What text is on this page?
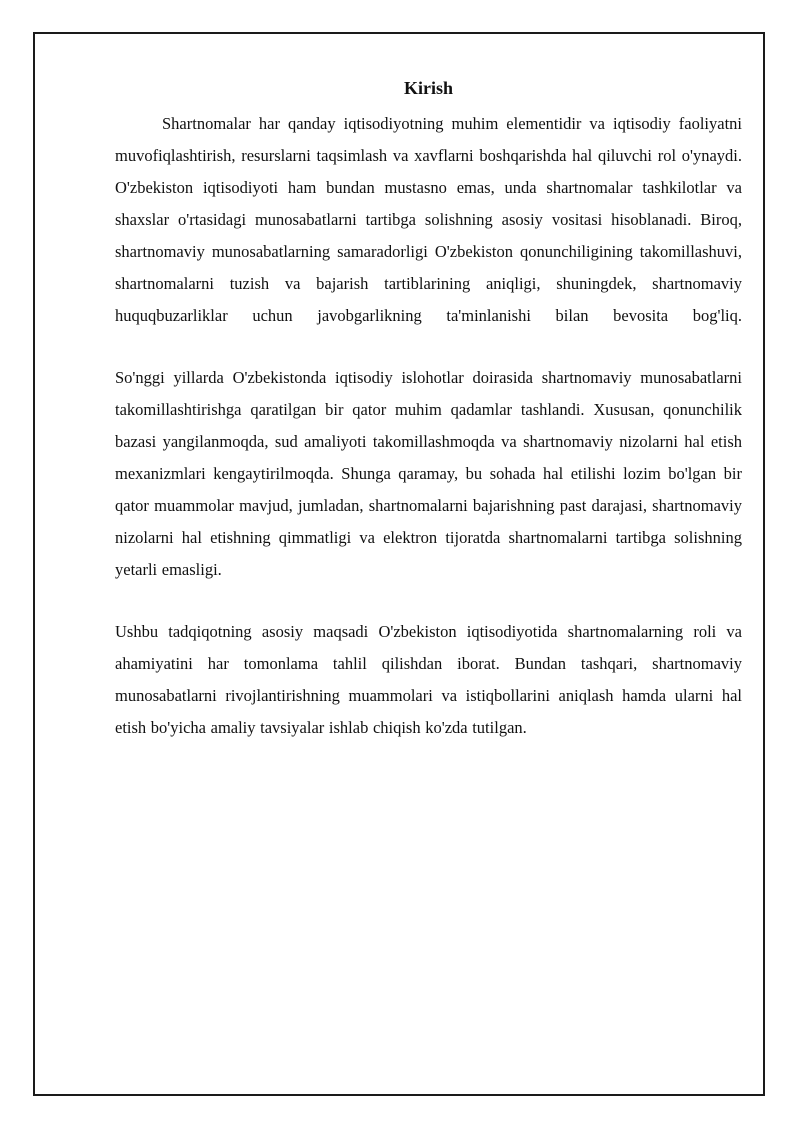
Kirish

Shartnomalar har qanday iqtisodiyotning muhim elementidir va iqtisodiy faoliyatni muvofiqlashtirish, resurslarni taqsimlash va xavflarni boshqarishda hal qiluvchi rol o'ynaydi. O'zbekiston iqtisodiyoti ham bundan mustasno emas, unda shartnomalar tashkilotlar va shaxslar o'rtasidagi munosabatlarni tartibga solishning asosiy vositasi hisoblanadi. Biroq, shartnomaviy munosabatlarning samaradorligi O'zbekiston qonunchiligining takomillashuvi, shartnomalarni tuzish va bajarish tartiblarining aniqligi, shuningdek, shartnomaviy huquqbuzarliklar uchun javobgarlikning ta'minlanishi bilan bevosita bog'liq.

So'nggi yillarda O'zbekistonda iqtisodiy islohotlar doirasida shartnomaviy munosabatlarni takomillashtirishga qaratilgan bir qator muhim qadamlar tashlandi. Xususan, qonunchilik bazasi yangilanmoqda, sud amaliyoti takomillashmoqda va shartnomaviy nizolarni hal etish mexanizmlari kengaytirilmoqda. Shunga qaramay, bu sohada hal etilishi lozim bo'lgan bir qator muammolar mavjud, jumladan, shartnomalarni bajarishning past darajasi, shartnomaviy nizolarni hal etishning qimmatligi va elektron tijoratda shartnomalarni tartibga solishning yetarli emasligi.

Ushbu tadqiqotning asosiy maqsadi O'zbekiston iqtisodiyotida shartnomalarning roli va ahamiyatini har tomonlama tahlil qilishdan iborat. Bundan tashqari, shartnomaviy munosabatlarni rivojlantirishning muammolari va istiqbollarini aniqlash hamda ularni hal etish bo'yicha amaliy tavsiyalar ishlab chiqish ko'zda tutilgan.
